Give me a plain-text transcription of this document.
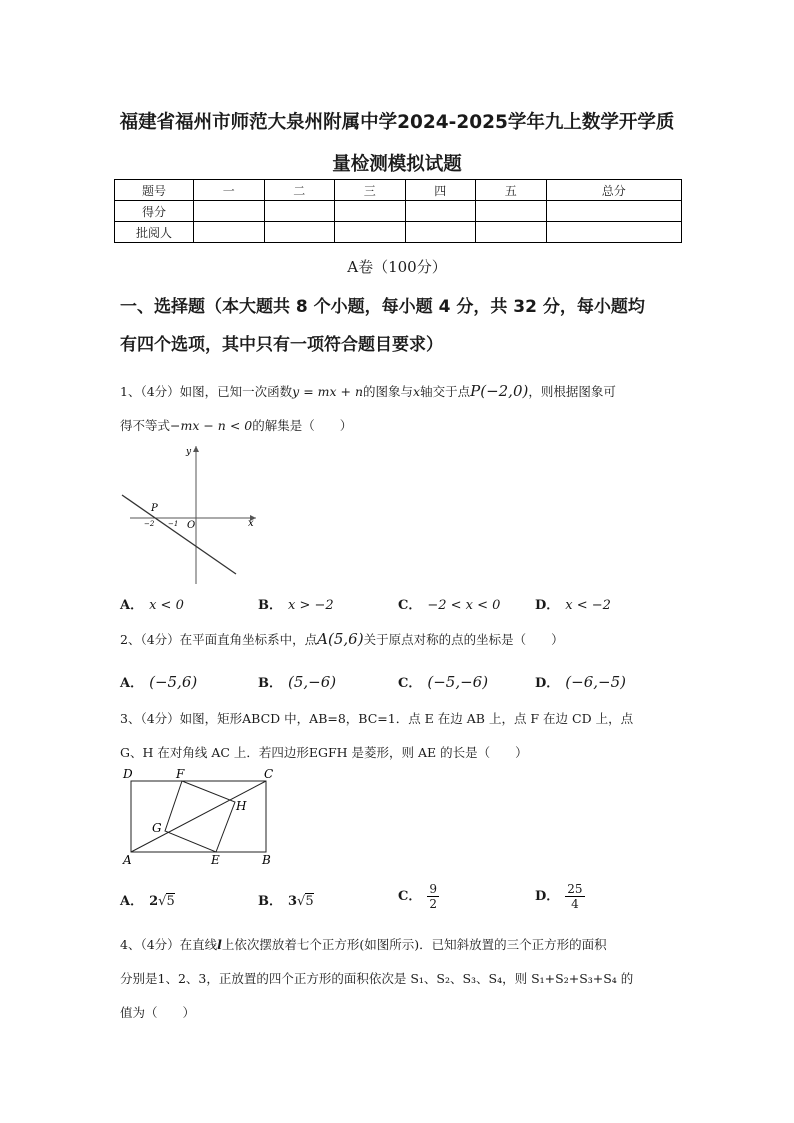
福建省福州市师范大泉州附属中学2024-2025学年九上数学开学质
量检测模拟试题
题号	一	二	三	四	五	总分
得分						
批阅人						
A卷（100分）
一、选择题（本大题共 8 个小题，每小题 4 分，共 32 分，每小题均
有四个选项，其中只有一项符合题目要求）
1、（4分）如图，已知一次函数y = mx + n的图象与x轴交于点P(−2,0)，则根据图象可
得不等式−mx − n < 0的解集是（　　）
y
x
O
P
−2 −1
A． x < 0	B． x > −2	C． −2 < x < 0	D． x < −2
2、（4分）在平面直角坐标系中，点A(5,6)关于原点对称的点的坐标是（　　）
A． (−5,6)	B． (5,−6)	C． (−5,−6)	D． (−6,−5)
3、（4分）如图，矩形ABCD 中，AB=8，BC=1．点 E 在边 AB 上，点 F 在边 CD 上，点
G、H 在对角线 AC 上．若四边形EGFH 是菱形，则 AE 的长是（　　）
A	B
C
D
E
F
G
H
A． 2√5	B． 3√5	C． $\frac{9}{2}$	D． $\frac{25}{4}$
4、（4分）在直线l上依次摆放着七个正方形(如图所示)．已知斜放置的三个正方形的面积
分别是1、2、3，正放置的四个正方形的面积依次是 S₁、S₂、S₃、S₄，则 S₁+S₂+S₃+S₄ 的
值为（　　）
